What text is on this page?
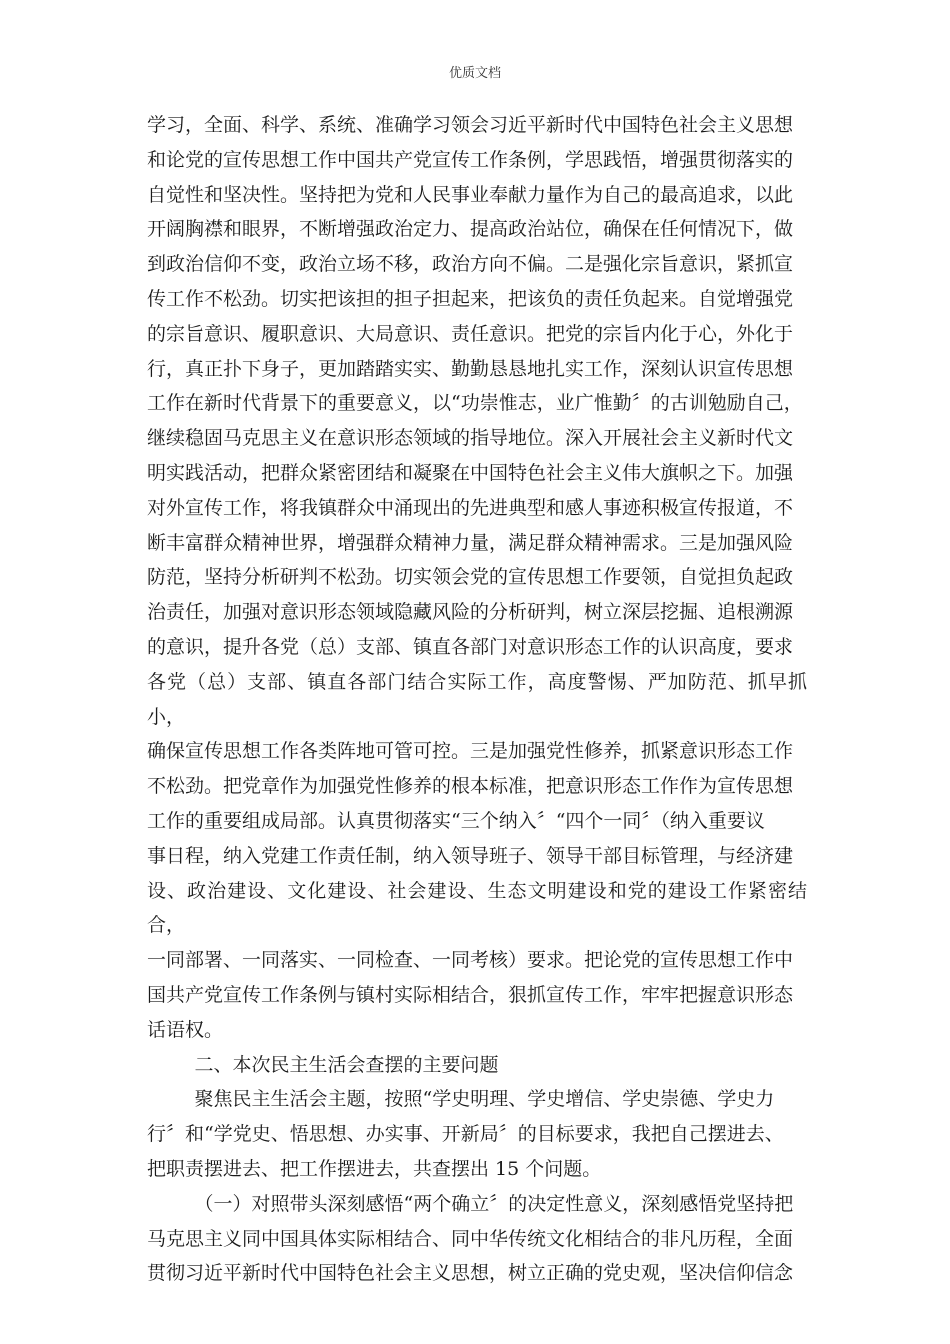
优质文档

学习，全面、科学、系统、准确学习领会习近平新时代中国特色社会主义思想
和论党的宣传思想工作中国共产党宣传工作条例，学思践悟，增强贯彻落实的
自觉性和坚决性。坚持把为党和人民事业奉献力量作为自己的最高追求，以此
开阔胸襟和眼界，不断增强政治定力、提高政治站位，确保在任何情况下，做
到政治信仰不变，政治立场不移，政治方向不偏。二是强化宗旨意识，紧抓宣
传工作不松劲。切实把该担的担子担起来，把该负的责任负起来。自觉增强党
的宗旨意识、履职意识、大局意识、责任意识。把党的宗旨内化于心，外化于
行，真正扑下身子，更加踏踏实实、勤勤恳恳地扎实工作，深刻认识宣传思想
工作在新时代背景下的重要意义，以“功崇惟志，业广惟勤〞的古训勉励自己，
继续稳固马克思主义在意识形态领域的指导地位。深入开展社会主义新时代文
明实践活动，把群众紧密团结和凝聚在中国特色社会主义伟大旗帜之下。加强
对外宣传工作，将我镇群众中涌现出的先进典型和感人事迹积极宣传报道，不
断丰富群众精神世界，增强群众精神力量，满足群众精神需求。三是加强风险
防范，坚持分析研判不松劲。切实领会党的宣传思想工作要领，自觉担负起政
治责任，加强对意识形态领域隐藏风险的分析研判，树立深层挖掘、追根溯源
的意识，提升各党（总）支部、镇直各部门对意识形态工作的认识高度，要求
各党（总）支部、镇直各部门结合实际工作，高度警惕、严加防范、抓早抓小，
确保宣传思想工作各类阵地可管可控。三是加强党性修养，抓紧意识形态工作
不松劲。把党章作为加强党性修养的根本标准，把意识形态工作作为宣传思想
工作的重要组成局部。认真贯彻落实“三个纳入〞“四个一同〞（纳入重要议
事日程，纳入党建工作责任制，纳入领导班子、领导干部目标管理，与经济建
设、政治建设、文化建设、社会建设、生态文明建设和党的建设工作紧密结合，
一同部署、一同落实、一同检查、一同考核）要求。把论党的宣传思想工作中
国共产党宣传工作条例与镇村实际相结合，狠抓宣传工作，牢牢把握意识形态
话语权。

二、本次民主生活会查摆的主要问题

聚焦民主生活会主题，按照“学史明理、学史增信、学史崇德、学史力
行〞和“学党史、悟思想、办实事、开新局〞的目标要求，我把自己摆进去、
把职责摆进去、把工作摆进去，共查摆出 15 个问题。

（一）对照带头深刻感悟“两个确立〞的决定性意义，深刻感悟党坚持把
马克思主义同中国具体实际相结合、同中华传统文化相结合的非凡历程，全面
贯彻习近平新时代中国特色社会主义思想，树立正确的党史观，坚决信仰信念
